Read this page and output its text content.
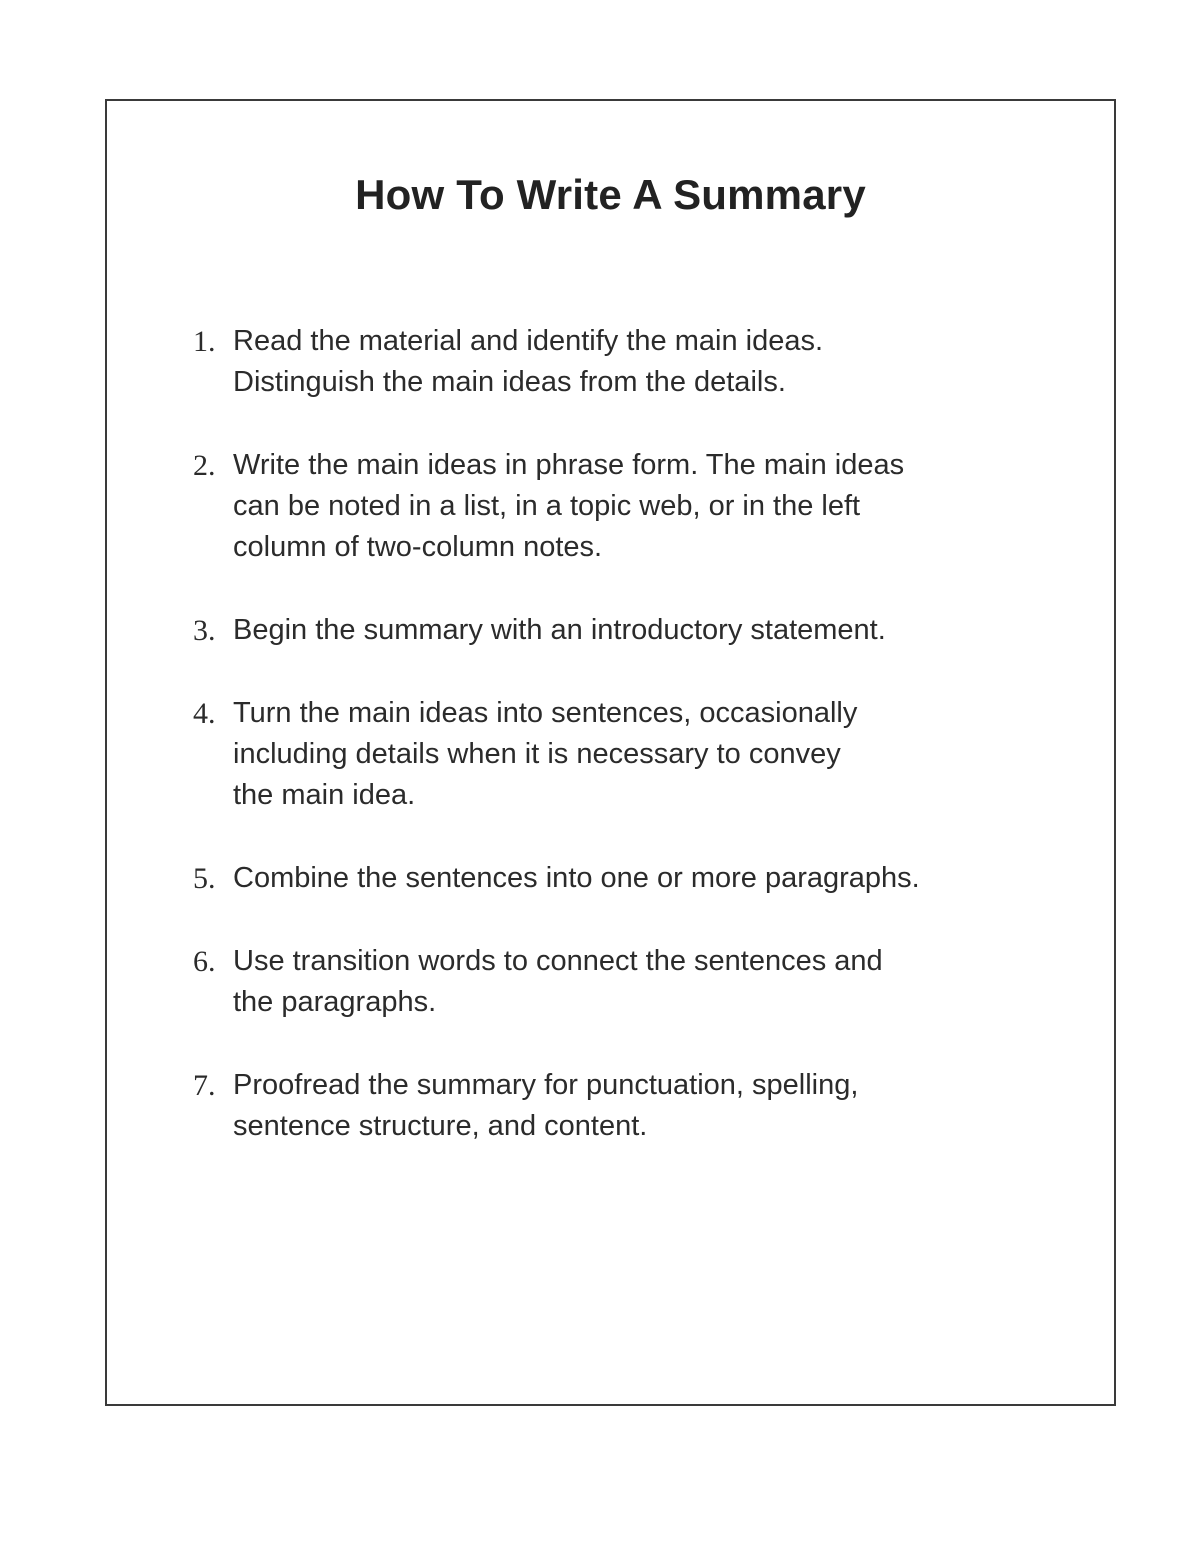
How To Write A Summary
1. Read the material and identify the main ideas.
Distinguish the main ideas from the details.
2. Write the main ideas in phrase form. The main ideas
can be noted in a list, in a topic web, or in the left
column of two-column notes.
3. Begin the summary with an introductory statement.
4. Turn the main ideas into sentences, occasionally
including details when it is necessary to convey
the main idea.
5. Combine the sentences into one or more paragraphs.
6. Use transition words to connect the sentences and
the paragraphs.
7. Proofread the summary for punctuation, spelling,
sentence structure, and content.
